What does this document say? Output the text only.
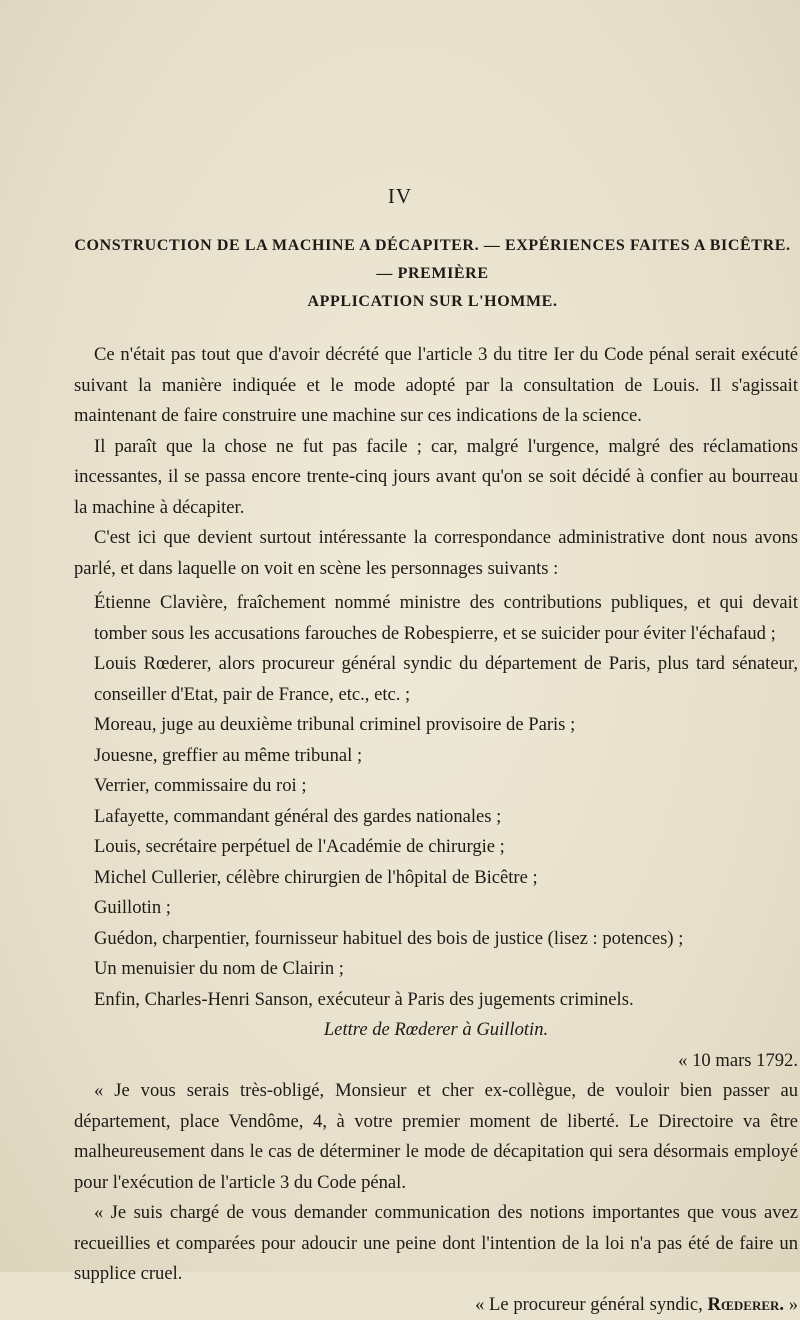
IV
CONSTRUCTION DE LA MACHINE A DÉCAPITER. — EXPÉRIENCES FAITES A BICÊTRE. — PREMIÈRE
APPLICATION SUR L'HOMME.

Ce n'était pas tout que d'avoir décrété que l'article 3 du titre Ier du Code pénal serait exécuté suivant la manière indiquée et le mode adopté par la consultation de Louis. Il s'agissait maintenant de faire construire une machine sur ces indications de la science.

Il paraît que la chose ne fut pas facile ; car, malgré l'urgence, malgré des réclamations incessantes, il se passa encore trente-cinq jours avant qu'on se soit décidé à confier au bourreau la machine à décapiter.

C'est ici que devient surtout intéressante la correspondance administrative dont nous avons parlé, et dans laquelle on voit en scène les personnages suivants :

Étienne Clavière, fraîchement nommé ministre des contributions publiques, et qui devait tomber sous les accusations farouches de Robespierre, et se suicider pour éviter l'échafaud ;
Louis Rœderer, alors procureur général syndic du département de Paris, plus tard sénateur, conseiller d'Etat, pair de France, etc., etc. ;
Moreau, juge au deuxième tribunal criminel provisoire de Paris ;
Jouesne, greffier au même tribunal ;
Verrier, commissaire du roi ;
Lafayette, commandant général des gardes nationales ;
Louis, secrétaire perpétuel de l'Académie de chirurgie ;
Michel Cullerier, célèbre chirurgien de l'hôpital de Bicêtre ;
Guillotin ;
Guédon, charpentier, fournisseur habituel des bois de justice (lisez : potences) ;
Un menuisier du nom de Clairin ;
Enfin, Charles-Henri Sanson, exécuteur à Paris des jugements criminels.

Lettre de Rœderer à Guillotin.

« 10 mars 1792.

« Je vous serais très-obligé, Monsieur et cher ex-collègue, de vouloir bien passer au département, place Vendôme, 4, à votre premier moment de liberté. Le Directoire va être malheureusement dans le cas de déterminer le mode de décapitation qui sera désormais employé pour l'exécution de l'article 3 du Code pénal.

« Je suis chargé de vous demander communication des notions importantes que vous avez recueillies et comparées pour adoucir une peine dont l'intention de la loi n'a pas été de faire un supplice cruel.

« Le procureur général syndic, Rœderer. »
